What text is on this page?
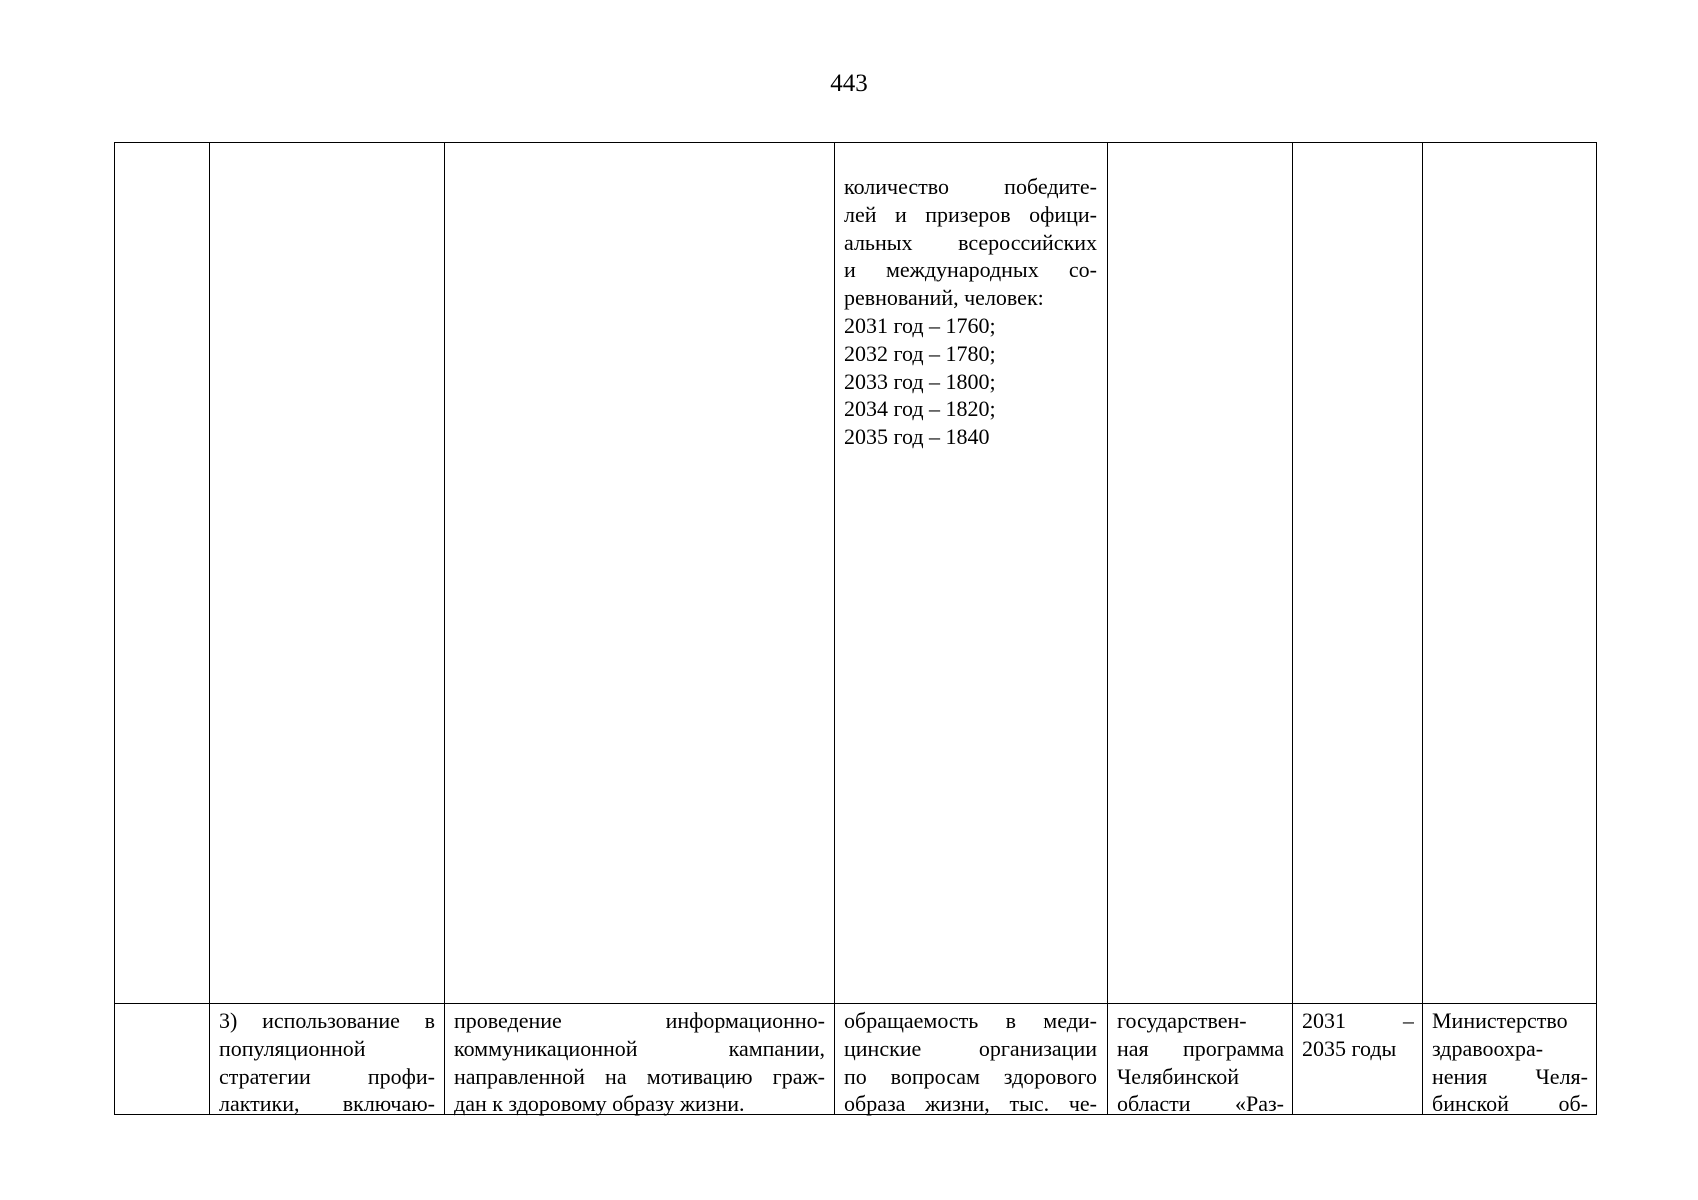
443
количество	победите-
лей и призеров офици-
альных всероссийских
и международных со-
ревнований, человек:
2031 год – 1760;
2032 год – 1780;
2033 год – 1800;
2034 год – 1820;
2035 год – 1840
3) использование в
популяционной
стратегии профи-
лактики, включаю-
проведение информационно-
коммуникационной кампании,
направленной на мотивацию граж-
дан к здоровому образу жизни.
обращаемость в меди-
цинские организации
по вопросам здорового
образа жизни, тыс. че-
государствен-
ная программа
Челябинской
области «Раз-
2031 –
2035 годы
Министерство
здравоохра-
нения Челя-
бинской об-
